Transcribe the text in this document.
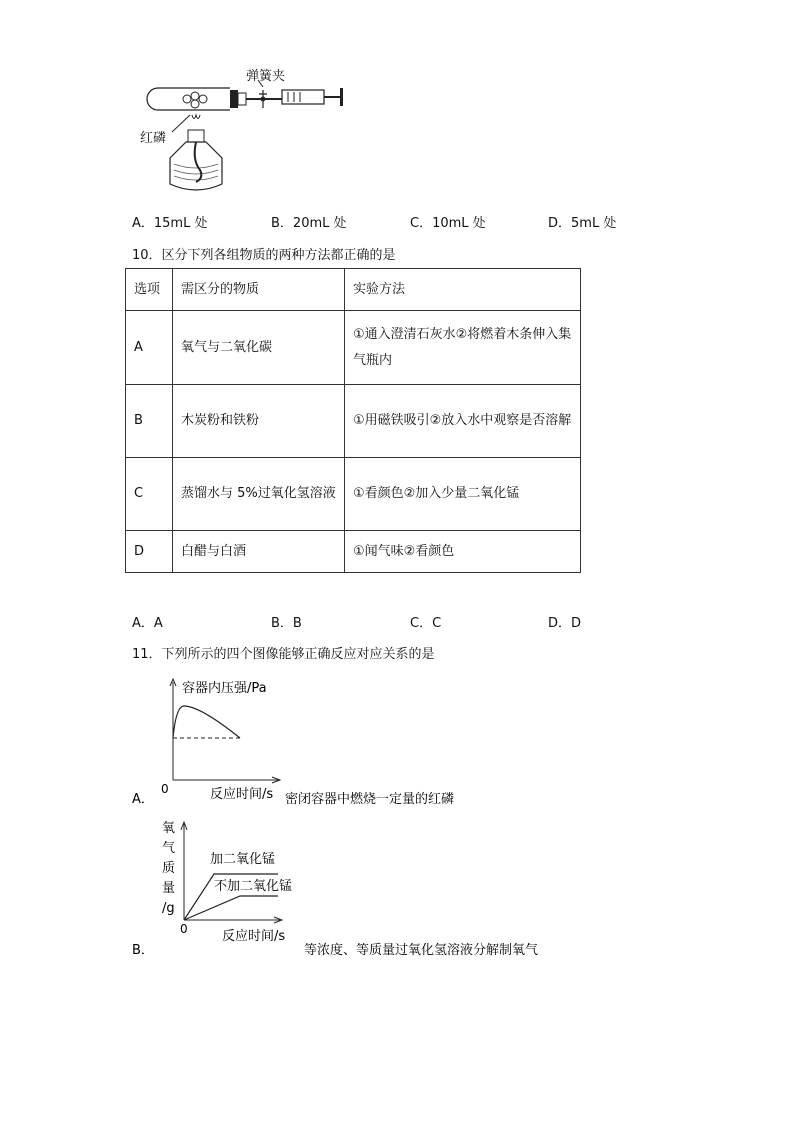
弹簧夹
红磷
A．15mL 处	B．20mL 处	C．10mL 处	D．5mL 处
10．区分下列各组物质的两种方法都正确的是
选项	需区分的物质	实验方法
A	氧气与二氧化碳	①通入澄清石灰水②将燃着木条伸入集气瓶内
B	木炭粉和铁粉	①用磁铁吸引②放入水中观察是否溶解
C	蒸馏水与 5%过氧化氢溶液	①看颜色②加入少量二氧化锰
D	白醋与白酒	①闻气味②看颜色
A．A	B．B	C．C	D．D
11．下列所示的四个图像能够正确反应对应关系的是
A．
容器内压强/Pa
0	反应时间/s 密闭容器中燃烧一定量的红磷
B．
氧
气
质
量
/g
0	反应时间/s
加二氧化锰
不加二氧化锰
等浓度、等质量过氧化氢溶液分解制氧气
